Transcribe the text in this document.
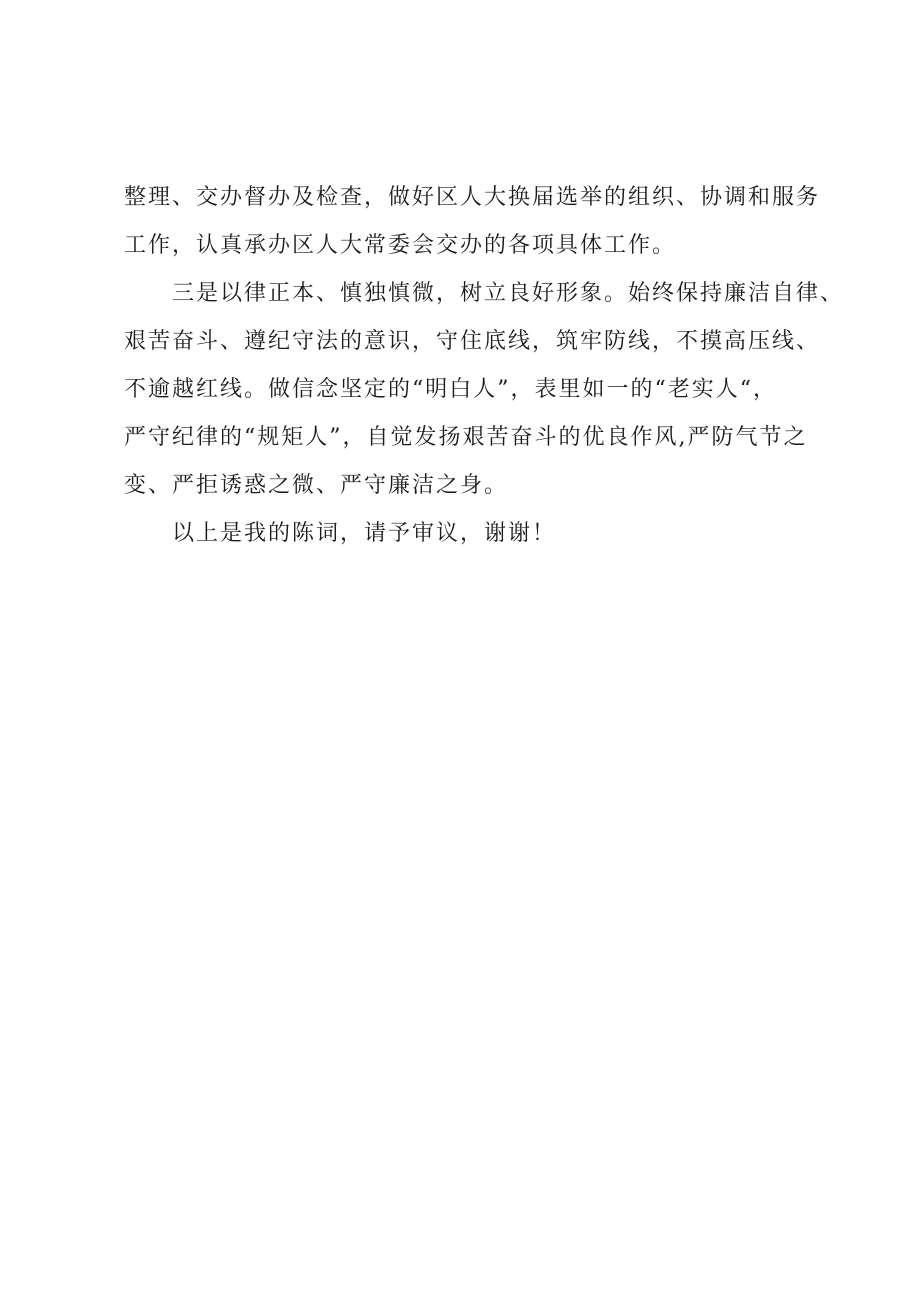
整理、交办督办及检查，做好区人大换届选举的组织、协调和服务
工作，认真承办区人大常委会交办的各项具体工作。
三是以律正本、慎独慎微，树立良好形象。始终保持廉洁自律、
艰苦奋斗、遵纪守法的意识，守住底线，筑牢防线，不摸高压线、
不逾越红线。做信念坚定的“明白人”，表里如一的“老实人“，
严守纪律的“规矩人”，自觉发扬艰苦奋斗的优良作风,严防气节之
变、严拒诱惑之微、严守廉洁之身。
以上是我的陈词，请予审议，谢谢！
